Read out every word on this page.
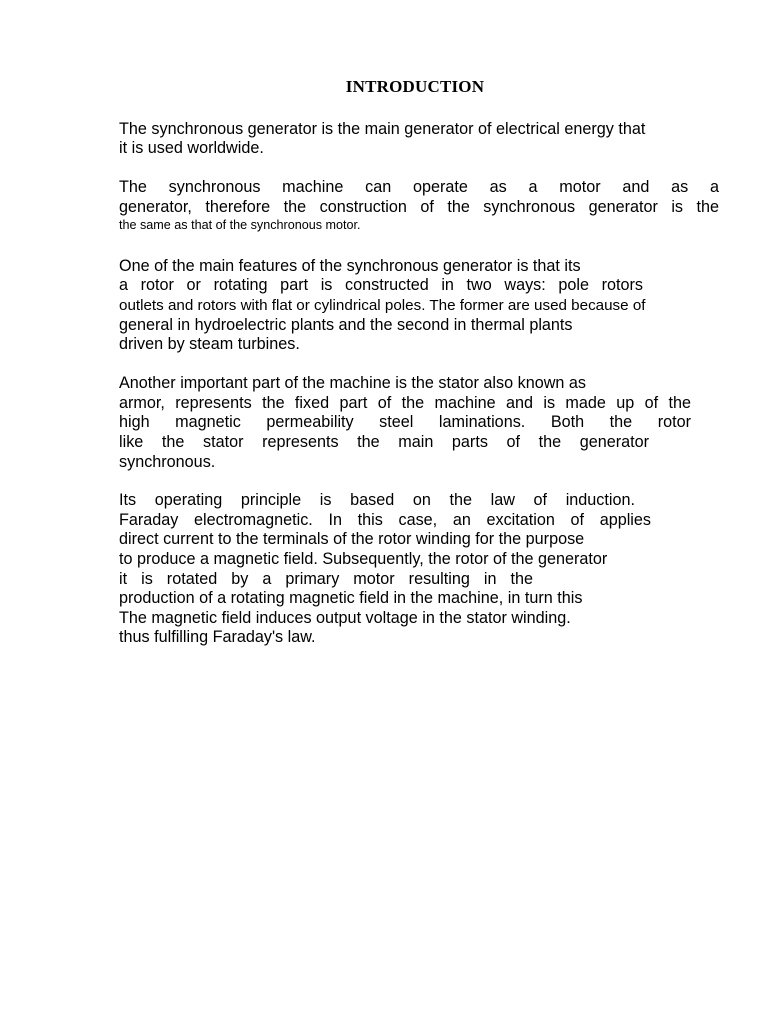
INTRODUCTION

The synchronous generator is the main generator of electrical energy that

it is used worldwide.

The synchronous machine can operate as a motor and as a

generator, therefore the construction of the synchronous generator is the

the same as that of the synchronous motor.

One of the main features of the synchronous generator is that its

a rotor or rotating part is constructed in two ways: pole rotors

outlets and rotors with flat or cylindrical poles. The former are used because of

general in hydroelectric plants and the second in thermal plants

driven by steam turbines.

Another important part of the machine is the stator also known as

armor, represents the fixed part of the machine and is made up of the

high magnetic permeability steel laminations. Both the rotor

like the stator represents the main parts of the generator

synchronous.

Its operating principle is based on the law of induction.

Faraday electromagnetic. In this case, an excitation of applies

direct current to the terminals of the rotor winding for the purpose

to produce a magnetic field. Subsequently, the rotor of the generator

it is rotated by a primary motor resulting in the

production of a rotating magnetic field in the machine, in turn this

The magnetic field induces output voltage in the stator winding.

thus fulfilling Faraday's law.
